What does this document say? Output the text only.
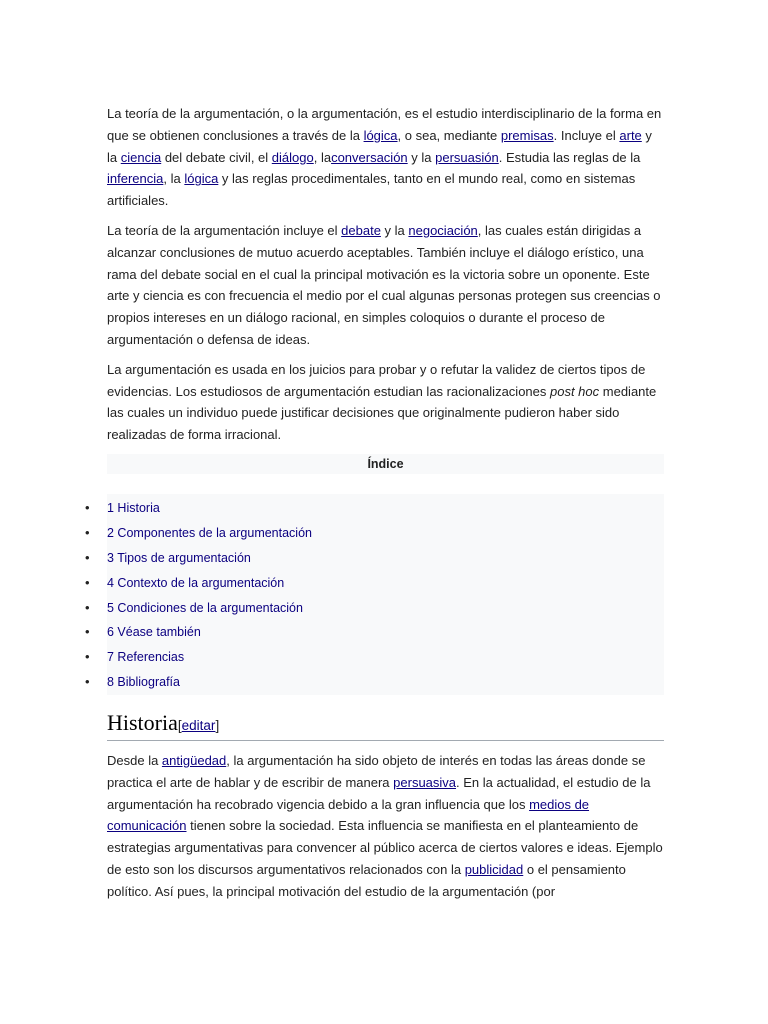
La teoría de la argumentación, o la argumentación, es el estudio interdisciplinario de la forma en que se obtienen conclusiones a través de la lógica, o sea, mediante premisas. Incluye el arte y la ciencia del debate civil, el diálogo, laconversación y la persuasión. Estudia las reglas de la inferencia, la lógica y las reglas procedimentales, tanto en el mundo real, como en sistemas artificiales.

La teoría de la argumentación incluye el debate y la negociación, las cuales están dirigidas a alcanzar conclusiones de mutuo acuerdo aceptables. También incluye el diálogo erístico, una rama del debate social en el cual la principal motivación es la victoria sobre un oponente. Este arte y ciencia es con frecuencia el medio por el cual algunas personas protegen sus creencias o propios intereses en un diálogo racional, en simples coloquios o durante el proceso de argumentación o defensa de ideas.

La argumentación es usada en los juicios para probar y o refutar la validez de ciertos tipos de evidencias. Los estudiosos de argumentación estudian las racionalizaciones post hoc mediante las cuales un individuo puede justificar decisiones que originalmente pudieron haber sido realizadas de forma irracional.

Índice
• 1 Historia
• 2 Componentes de la argumentación
• 3 Tipos de argumentación
• 4 Contexto de la argumentación
• 5 Condiciones de la argumentación
• 6 Véase también
• 7 Referencias
• 8 Bibliografía
Historia[editar]

Desde la antigüedad, la argumentación ha sido objeto de interés en todas las áreas donde se practica el arte de hablar y de escribir de manera persuasiva. En la actualidad, el estudio de la argumentación ha recobrado vigencia debido a la gran influencia que los medios de comunicación tienen sobre la sociedad. Esta influencia se manifiesta en el planteamiento de estrategias argumentativas para convencer al público acerca de ciertos valores e ideas. Ejemplo de esto son los discursos argumentativos relacionados con la publicidad o el pensamiento político. Así pues, la principal motivación del estudio de la argumentación (por
